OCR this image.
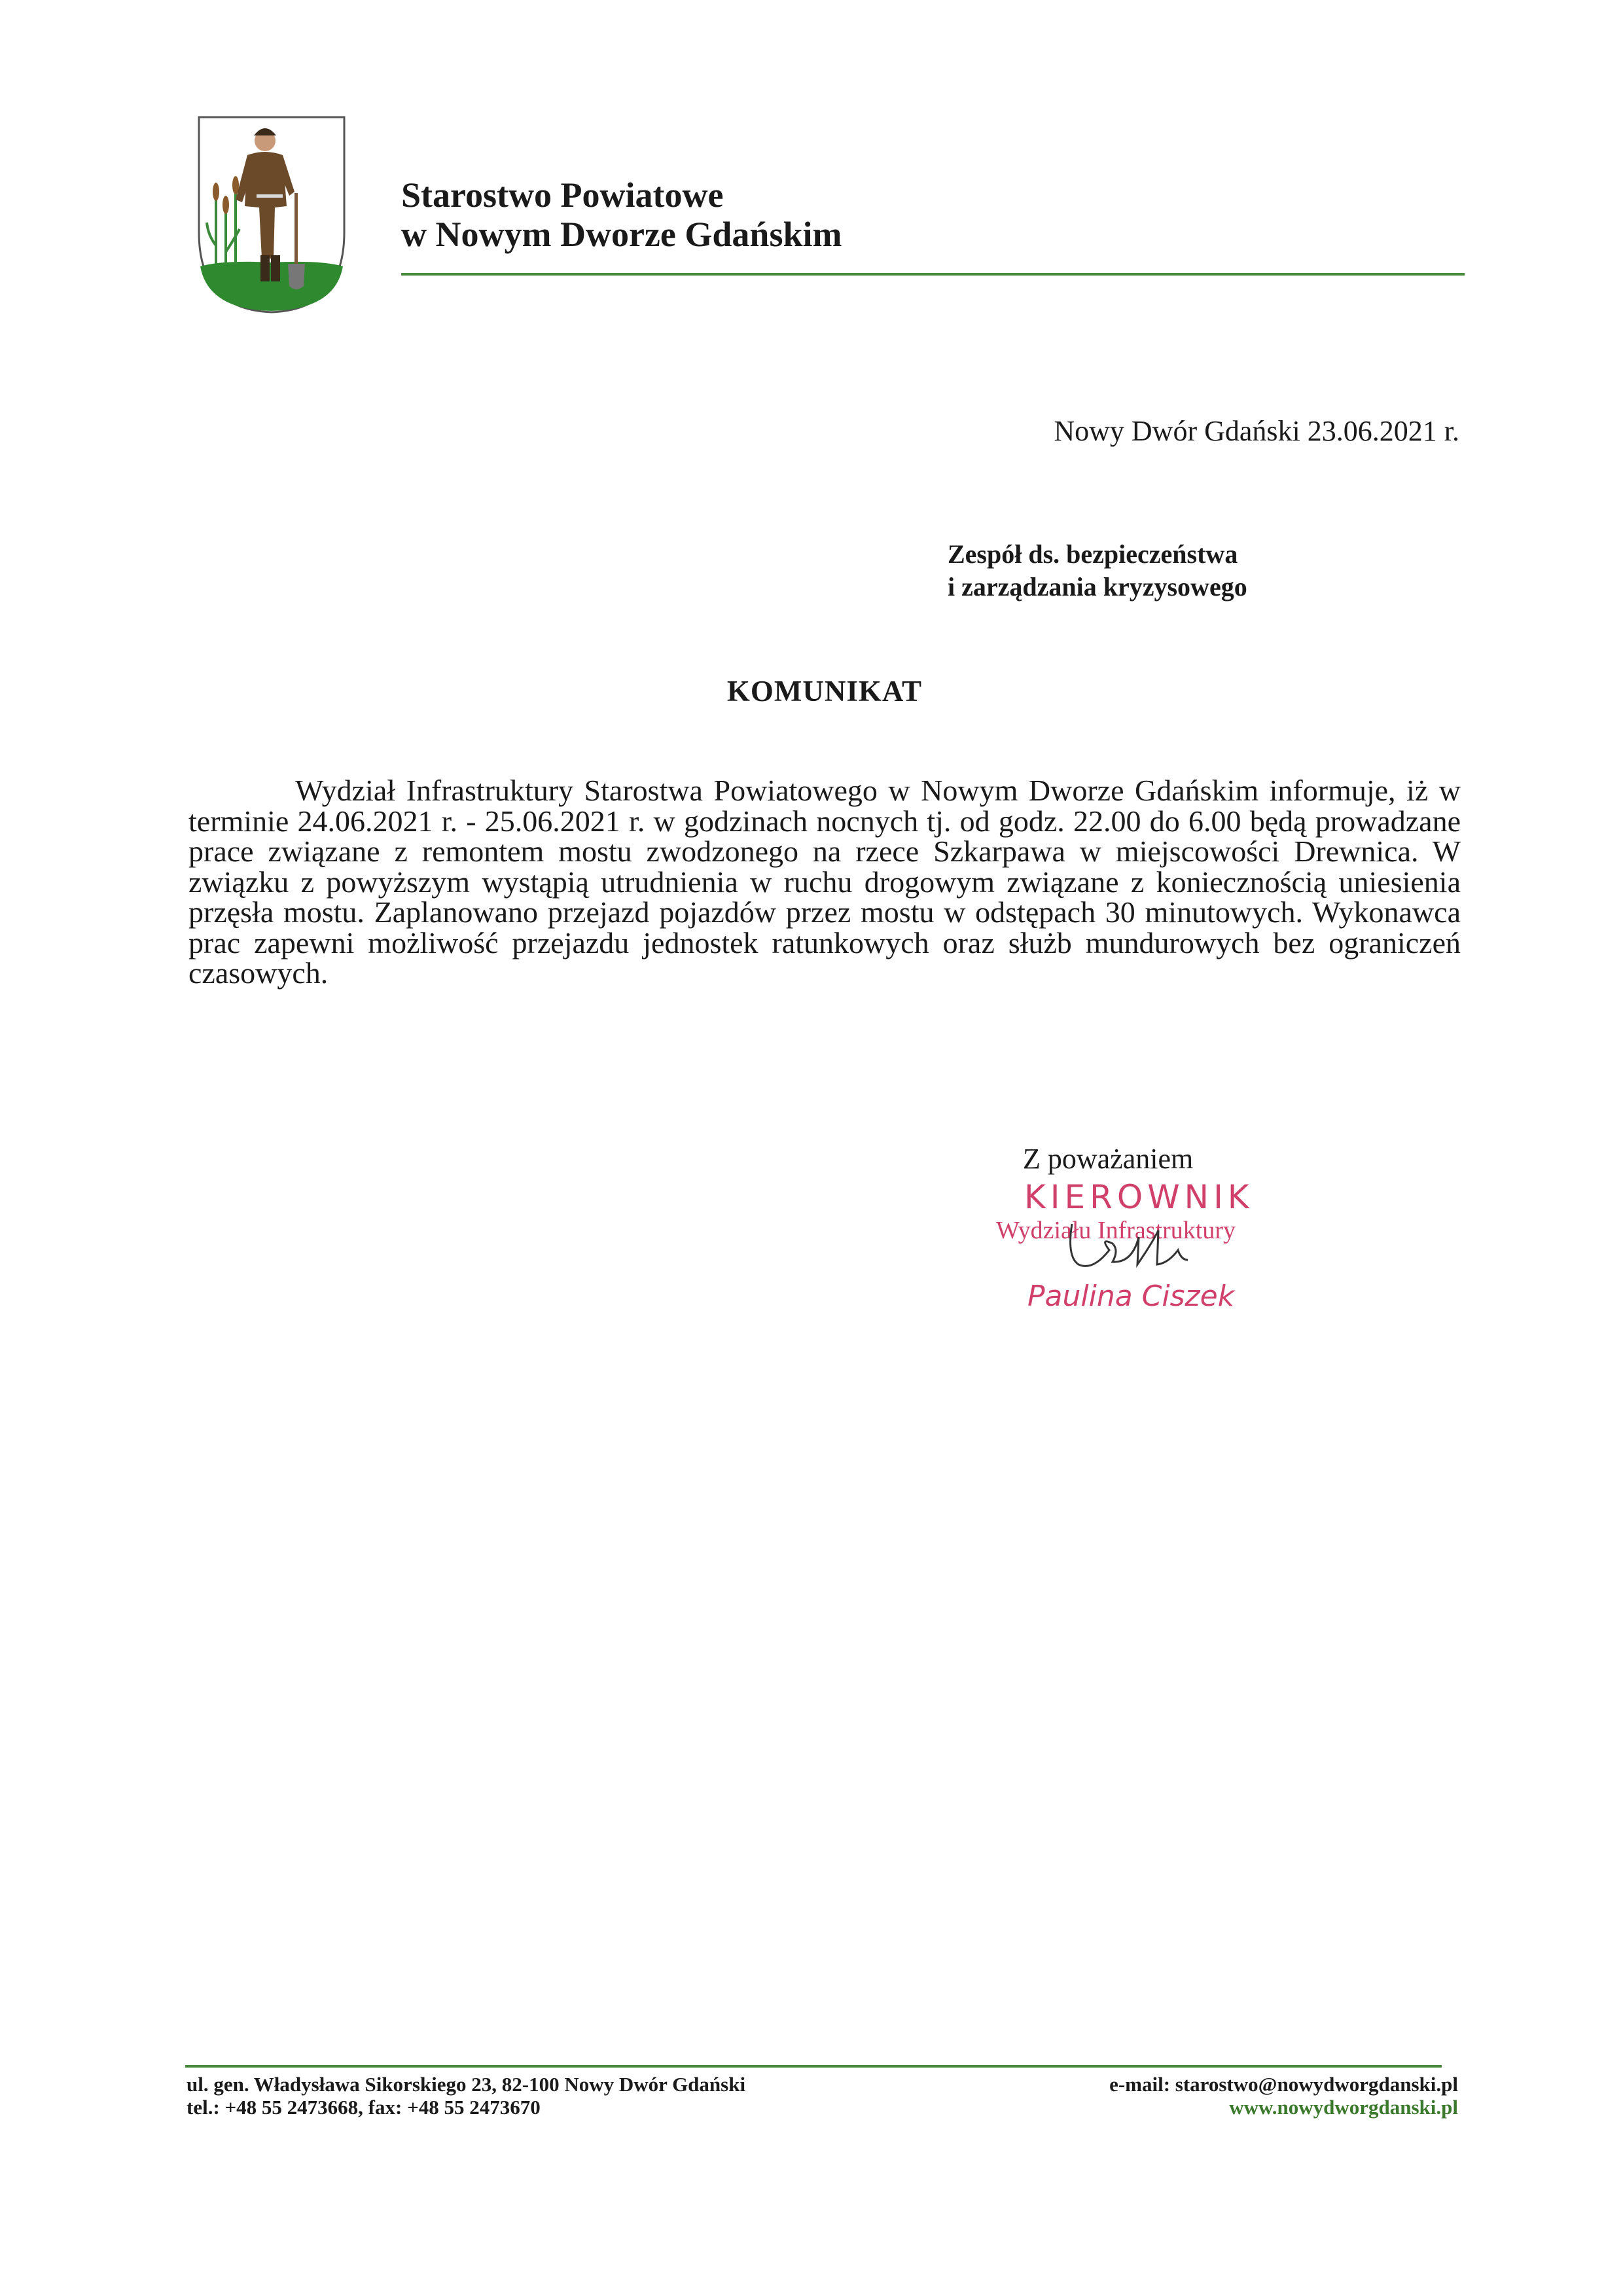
Starostwo Powiatowe
w Nowym Dworze Gdańskim
Nowy Dwór Gdański 23.06.2021 r.
Zespół ds. bezpieczeństwa
i zarządzania kryzysowego
KOMUNIKAT

Wydział Infrastruktury Starostwa Powiatowego w Nowym Dworze Gdańskim informuje, iż w terminie 24.06.2021 r. - 25.06.2021 r. w godzinach nocnych tj. od godz. 22.00 do 6.00 będą prowadzane prace związane z remontem mostu zwodzonego na rzece Szkarpawa w miejscowości Drewnica. W związku z powyższym wystąpią utrudnienia w ruchu drogowym związane z koniecznością uniesienia przęsła mostu. Zaplanowano przejazd pojazdów przez mostu w odstępach 30 minutowych. Wykonawca prac zapewni możliwość przejazdu jednostek ratunkowych oraz służb mundurowych bez ograniczeń czasowych.

Z poważaniem
KIEROWNIK
Wydziału Infrastruktury
Paulina Ciszek
ul. gen. Władysława Sikorskiego 23, 82-100 Nowy Dwór Gdański
tel.: +48 55 2473668, fax: +48 55 2473670
e-mail: starostwo@nowydworgdanski.pl
www.nowydworgdanski.pl
